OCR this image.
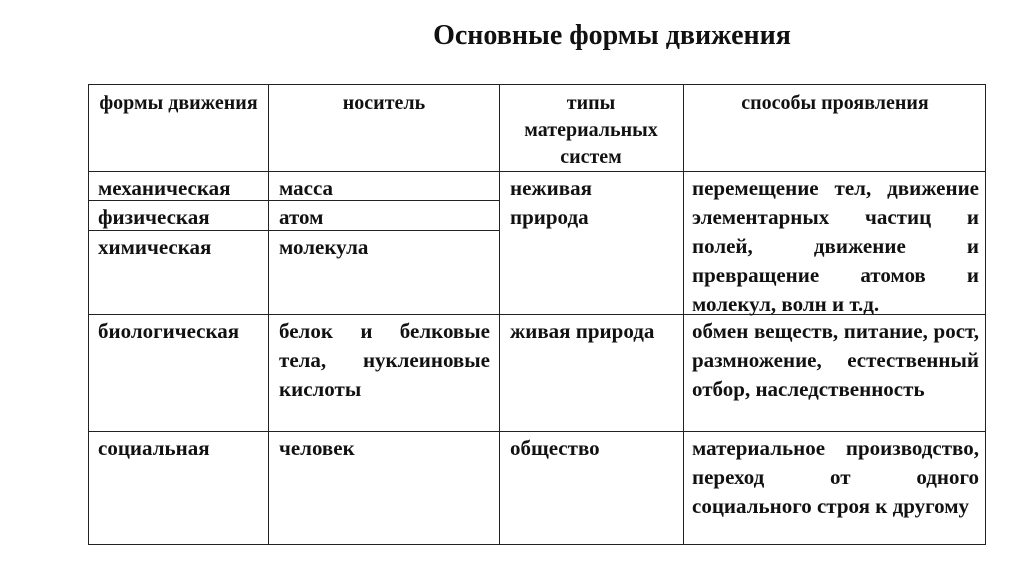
Основные формы движения
формы движения	носитель	типы материальных систем
способы проявления
механическая
физическая
химическая
биологическая
социальная
масса
атом
молекула
белок и белковые тела, нуклеиновые кислоты
человек
неживая природа
живая природа
общество
перемещение тел, движение элементарных частиц и полей, движение и превращение атомов и молекул, волн и т.д.
обмен веществ, питание, рост, размножение, естественный отбор, наследственность
материальное производство, переход от одного социального строя к другому
